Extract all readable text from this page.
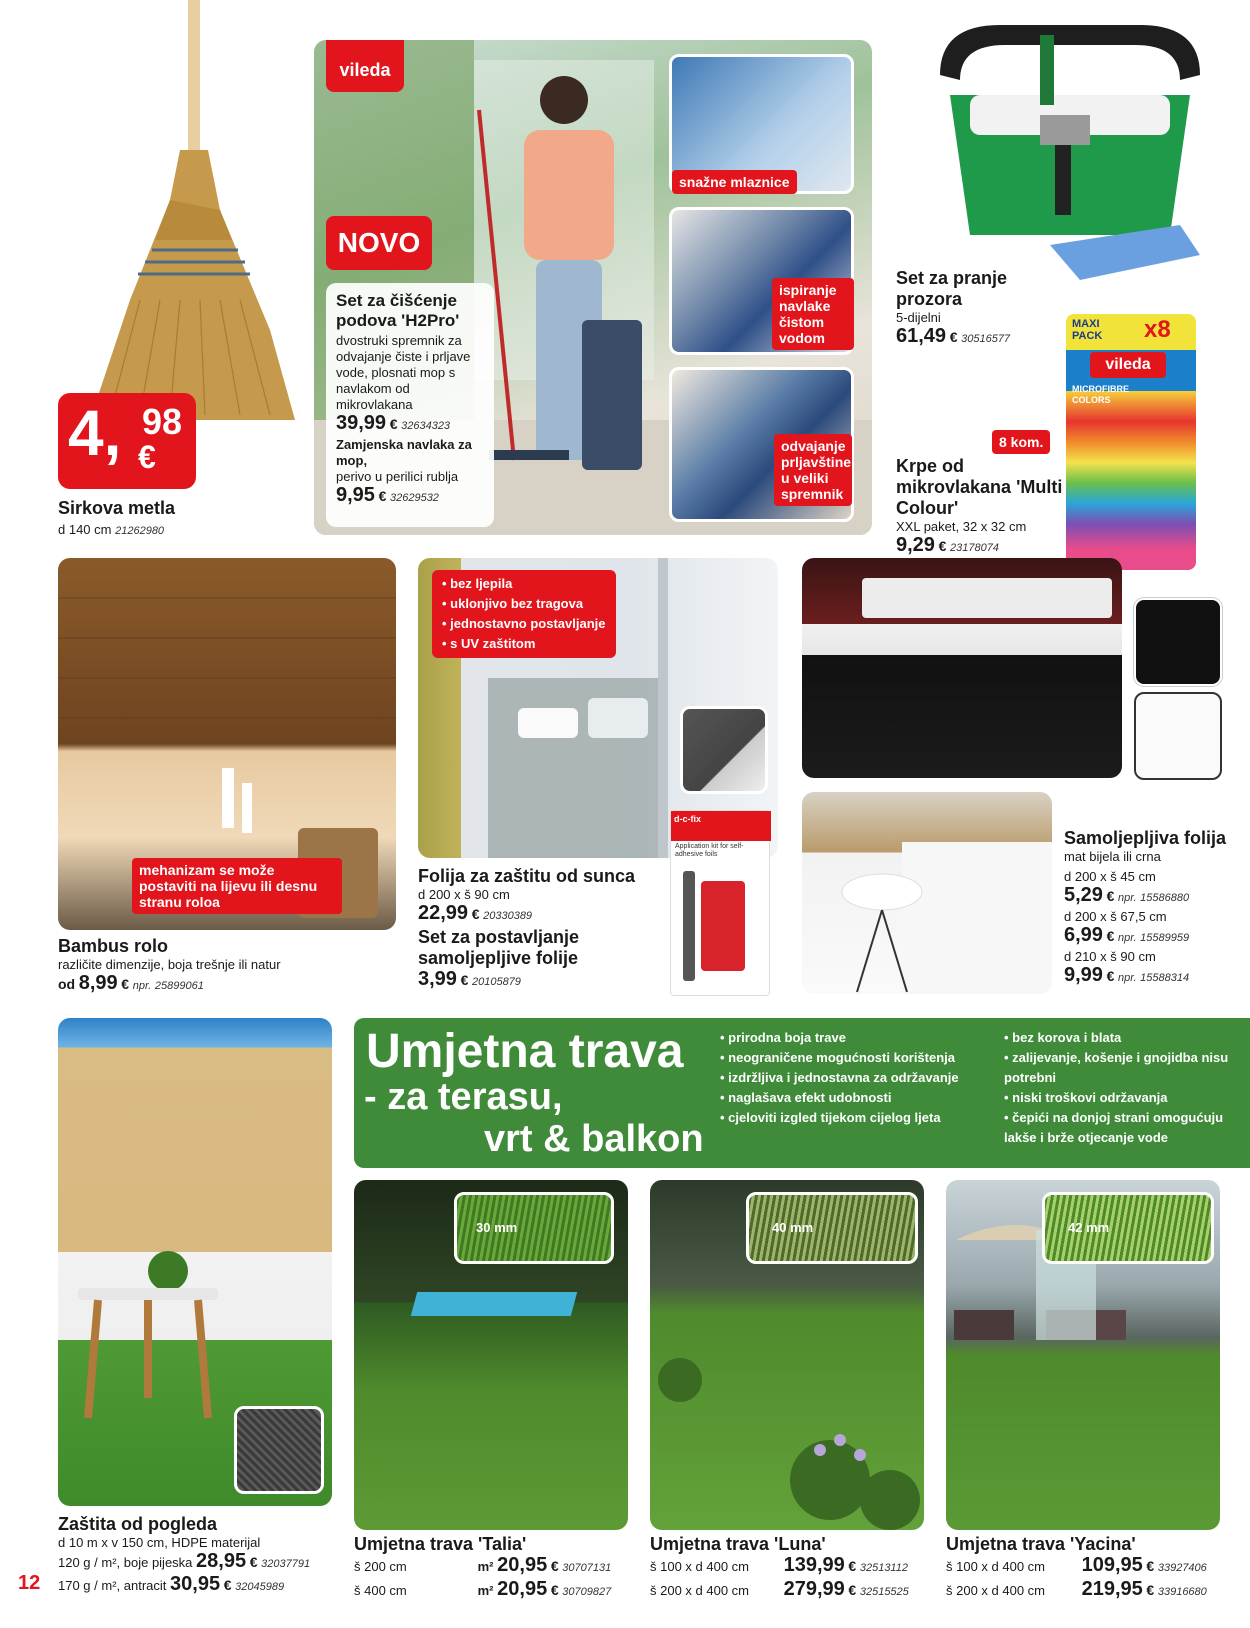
4, 98
€
Sirkova metla
d 140 cm 21262980
vileda
NOVO
snažne mlaznice
ispiranje navlake čistom vodom
odvajanje prljavštine u veliki spremnik
Set za čišćenje podova 'H2Pro'
dvostruki spremnik za odvajanje čiste i prljave vode, plosnati mop s navlakom od mikrovlakana
39,99 € 32634323
Zamjenska navlaka za mop,
perivo u perilici rublja
9,95 € 32629532
Set za pranje prozora
5-dijelni
61,49 € 30516577
MAXI PACK	x8
vileda
MICROFIBRE COLORS
8 kom.
Krpe od mikrovlakana 'Multi Colour'
XXL paket, 32 x 32 cm
9,29 € 23178074
mehanizam se može postaviti na lijevu ili desnu stranu roloa
Bambus rolo
različite dimenzije, boja trešnje ili natur
od 8,99 € npr. 25899061
• bez ljepila
• uklonjivo bez tragova
• jednostavno postavljanje
• s UV zaštitom
d-c-fix
Application kit for self-adhesive foils
Folija za zaštitu od sunca
d 200 x š 90 cm
22,99 € 20330389
Set za postavljanje samoljepljive folije
3,99 € 20105879
Samoljepljiva folija
mat bijela ili crna
d 200 x š 45 cm
5,29 € npr. 15586880
d 200 x š 67,5 cm
6,99 € npr. 15589959
d 210 x š 90 cm
9,99 € npr. 15588314
Zaštita od pogleda
d 10 m x v 150 cm, HDPE materijal
120 g / m², boje pijeska 28,95 € 32037791
170 g / m², antracit 30,95 € 32045989
12
Umjetna trava
- za terasu,
vrt & balkon
• prirodna boja trave
• neograničene mogućnosti korištenja
• izdržljiva i jednostavna za održavanje
• naglašava efekt udobnosti
• cjeloviti izgled tijekom cijelog ljeta
• bez korova i blata
• zalijevanje, košenje i gnojidba nisu potrebni
• niski troškovi održavanja
• čepići na donjoj strani omogućuju lakše i brže otjecanje vode
30 mm
Umjetna trava 'Talia'
š 200 cm	m² 20,95 € 30707131
š 400 cm	m² 20,95 € 30709827
40 mm
Umjetna trava 'Luna'
š 100 x d 400 cm 139,99 € 32513112
š 200 x d 400 cm 279,99 € 32515525
42 mm
Umjetna trava 'Yacina'
š 100 x d 400 cm 109,95 € 33927406
š 200 x d 400 cm 219,95 € 33916680
